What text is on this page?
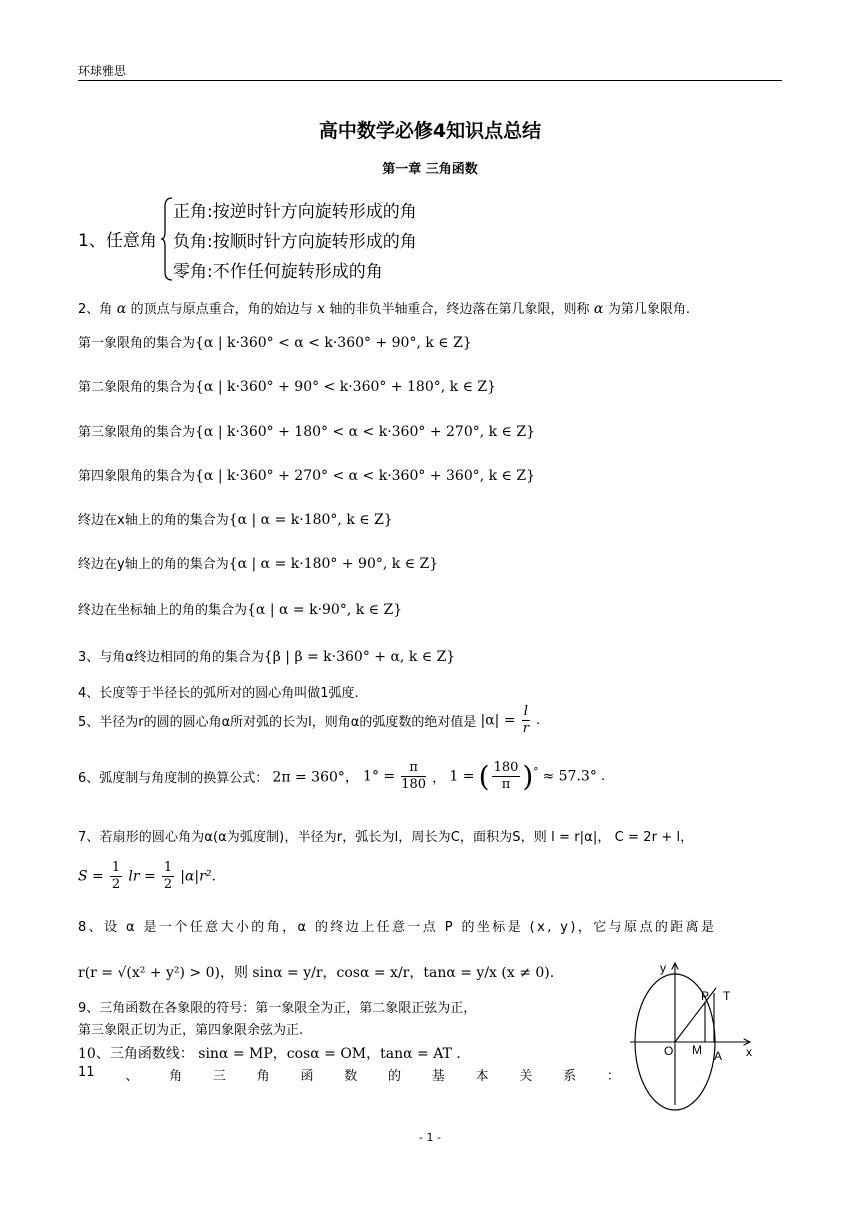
环球雅思
高中数学必修4知识点总结
第一章 三角函数
1、任意角
正角:按逆时针方向旋转形成的角
负角:按顺时针方向旋转形成的角
零角:不作任何旋转形成的角
2、角 α 的顶点与原点重合，角的始边与 x 轴的非负半轴重合，终边落在第几象限，则称 α 为第几象限角.
第一象限角的集合为{α | k·360° < α < k·360° + 90°, k ∈ Z}
第二象限角的集合为{α | k·360° + 90° < k·360° + 180°, k ∈ Z}
第三象限角的集合为{α | k·360° + 180° < α < k·360° + 270°, k ∈ Z}
第四象限角的集合为{α | k·360° + 270° < α < k·360° + 360°, k ∈ Z}
终边在x轴上的角的集合为{α | α = k·180°, k ∈ Z}
终边在y轴上的角的集合为{α | α = k·180° + 90°, k ∈ Z}
终边在坐标轴上的角的集合为{α | α = k·90°, k ∈ Z}
3、与角α终边相同的角的集合为{β | β = k·360° + α, k ∈ Z}
4、长度等于半径长的弧所对的圆心角叫做1弧度.
5、半径为r的圆的圆心角α所对弧的长为l，则角α的弧度数的绝对值是 $|\alpha| = \frac{l}{r}$ .
6、弧度制与角度制的换算公式： 2π = 360°， $1^\circ = \frac{\pi}{180}$ ， 1 = ( $\frac{180}{\pi} )^\circ \approx 57.3^\circ$ .
7、若扇形的圆心角为α(α为弧度制)，半径为r，弧长为l，周长为C，面积为S，则 l = r|α|， C = 2r + l，
$S = \frac{1}{2}$ lr = $\frac{1}{2} |\alpha|r^2$.
8、设 α 是一个任意大小的角，α 的终边上任意一点 P 的坐标是 (x, y)，它与原点的距离是
r(r = √(x² + y²) > 0)，则 sinα = y/r，cosα = x/r，tanα = y/x (x ≠ 0).
9、三角函数在各象限的符号：第一象限全为正，第二象限正弦为正，
第三象限正切为正，第四象限余弦为正.
10、三角函数线： sinα = MP，cosα = OM，tanα = AT .
11 、 角 三 角 函 数 的 基 本 关 系 ：
y
x
O M A
P T
- 1 -
